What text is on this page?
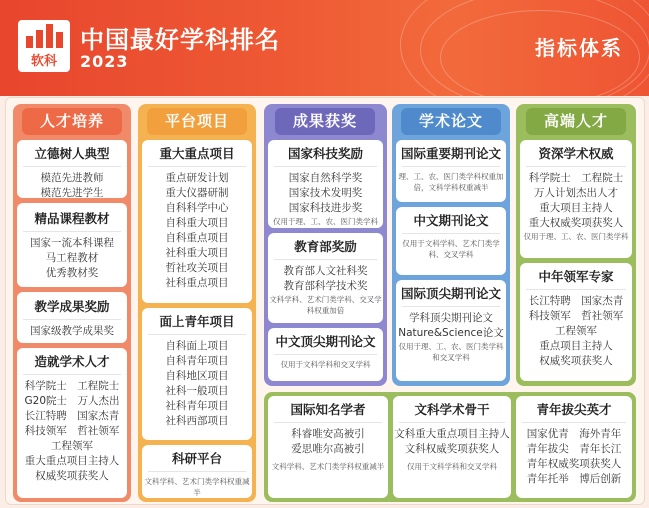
软科
中国最好学科排名
2023
指标体系
人才培养	平台项目	成果获奖	学术论文	高端人才
立德树人典型
模范先进教师
模范先进学生
精品课程教材
国家一流本科课程
马工程教材
优秀教材奖
教学成果奖励
国家级教学成果奖
造就学术人才
科学院士　工程院士
G20院士　万人杰出
长江特聘　国家杰青
科技领军　哲社领军
工程领军
重大重点项目主持人
权威奖项获奖人
重大重点项目
重点研发计划
重大仪器研制
自科科学中心
自科重大项目
自科重点项目
社科重大项目
哲社攻关项目
社科重点项目
面上青年项目
自科面上项目
自科青年项目
自科地区项目
社科一般项目
社科青年项目
社科西部项目
科研平台
文科学科、艺术门类学科权重减半
国家科技奖励
国家自然科学奖
国家技术发明奖
国家科技进步奖
仅用于理、工、农、医门类学科
教育部奖励
教育部人文社科奖
教育部科学技术奖
文科学科、艺术门类学科、交叉学科权重加倍
中文顶尖期刊论文
仅用于文科学科和交叉学科
国际重要期刊论文
理、工、农、医门类学科权重加倍，文科学科权重减半
中文期刊论文
仅用于文科学科、艺术门类学科、交叉学科
国际顶尖期刊论文
学科顶尖期刊论文
Nature&Science论文
仅用于理、工、农、医门类学科和交叉学科
资深学术权威
科学院士　工程院士
万人计划杰出人才
重大项目主持人
重大权威奖项获奖人
仅用于理、工、农、医门类学科
中年领军专家
长江特聘　国家杰青
科技领军　哲社领军
工程领军
重点项目主持人
权威奖项获奖人
国际知名学者
科睿唯安高被引
爱思唯尔高被引
文科学科、艺术门类学科权重减半
文科学术骨干
文科重大重点项目主持人
文科权威奖项获奖人
仅用于文科学科和交叉学科
青年拔尖英才
国家优青　海外青年
青年拔尖　青年长江
青年权威奖项获奖人
青年托举　博后创新
